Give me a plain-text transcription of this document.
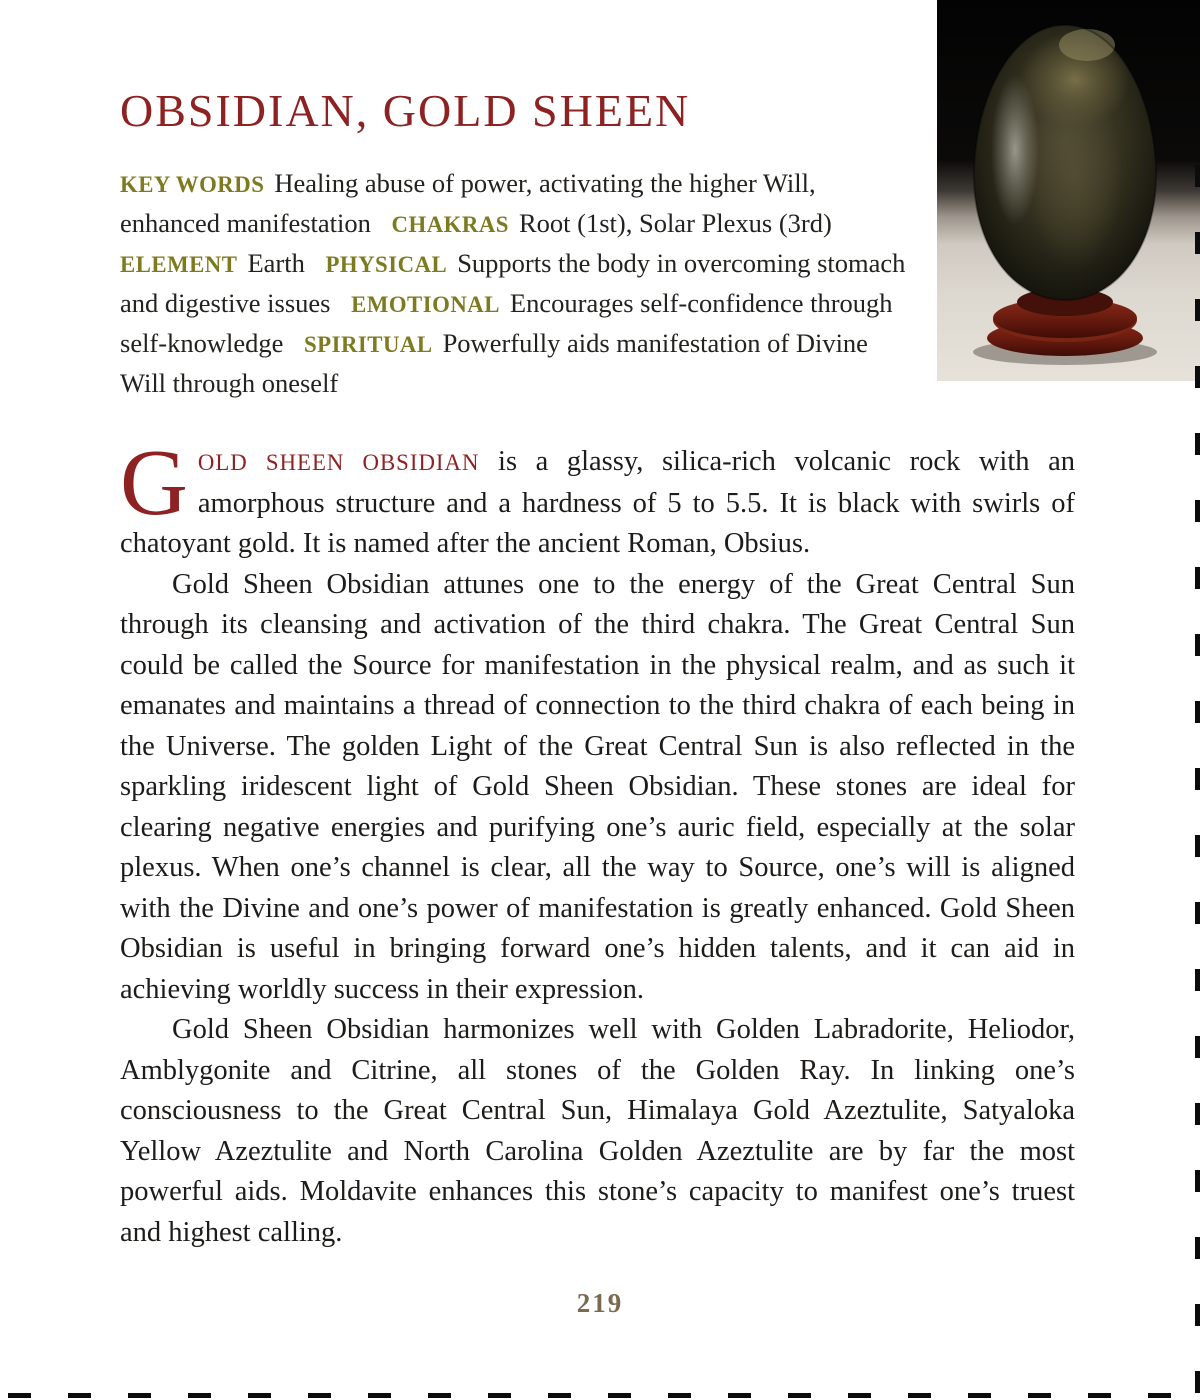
OBSIDIAN, GOLD SHEEN

KEY WORDS Healing abuse of power, activating the higher Will, enhanced manifestation CHAKRAS Root (1st), Solar Plexus (3rd) ELEMENT Earth PHYSICAL Supports the body in overcoming stomach and digestive issues EMOTIONAL Encourages self-confidence through self-knowledge SPIRITUAL Powerfully aids manifestation of Divine Will through oneself

GOLD SHEEN OBSIDIAN is a glassy, silica-rich volcanic rock with an amorphous structure and a hardness of 5 to 5.5. It is black with swirls of chatoyant gold. It is named after the ancient Roman, Obsius.

Gold Sheen Obsidian attunes one to the energy of the Great Central Sun through its cleansing and activation of the third chakra. The Great Central Sun could be called the Source for manifestation in the physical realm, and as such it emanates and maintains a thread of connection to the third chakra of each being in the Universe. The golden Light of the Great Central Sun is also reflected in the sparkling iridescent light of Gold Sheen Obsidian. These stones are ideal for clearing negative energies and purifying one’s auric field, especially at the solar plexus. When one’s channel is clear, all the way to Source, one’s will is aligned with the Divine and one’s power of manifestation is greatly enhanced. Gold Sheen Obsidian is useful in bringing forward one’s hidden talents, and it can aid in achieving worldly success in their expression.

Gold Sheen Obsidian harmonizes well with Golden Labradorite, Heliodor, Amblygonite and Citrine, all stones of the Golden Ray. In linking one’s consciousness to the Great Central Sun, Himalaya Gold Azeztulite, Satyaloka Yellow Azeztulite and North Carolina Golden Azeztulite are by far the most powerful aids. Moldavite enhances this stone’s capacity to manifest one’s truest and highest calling.

219
